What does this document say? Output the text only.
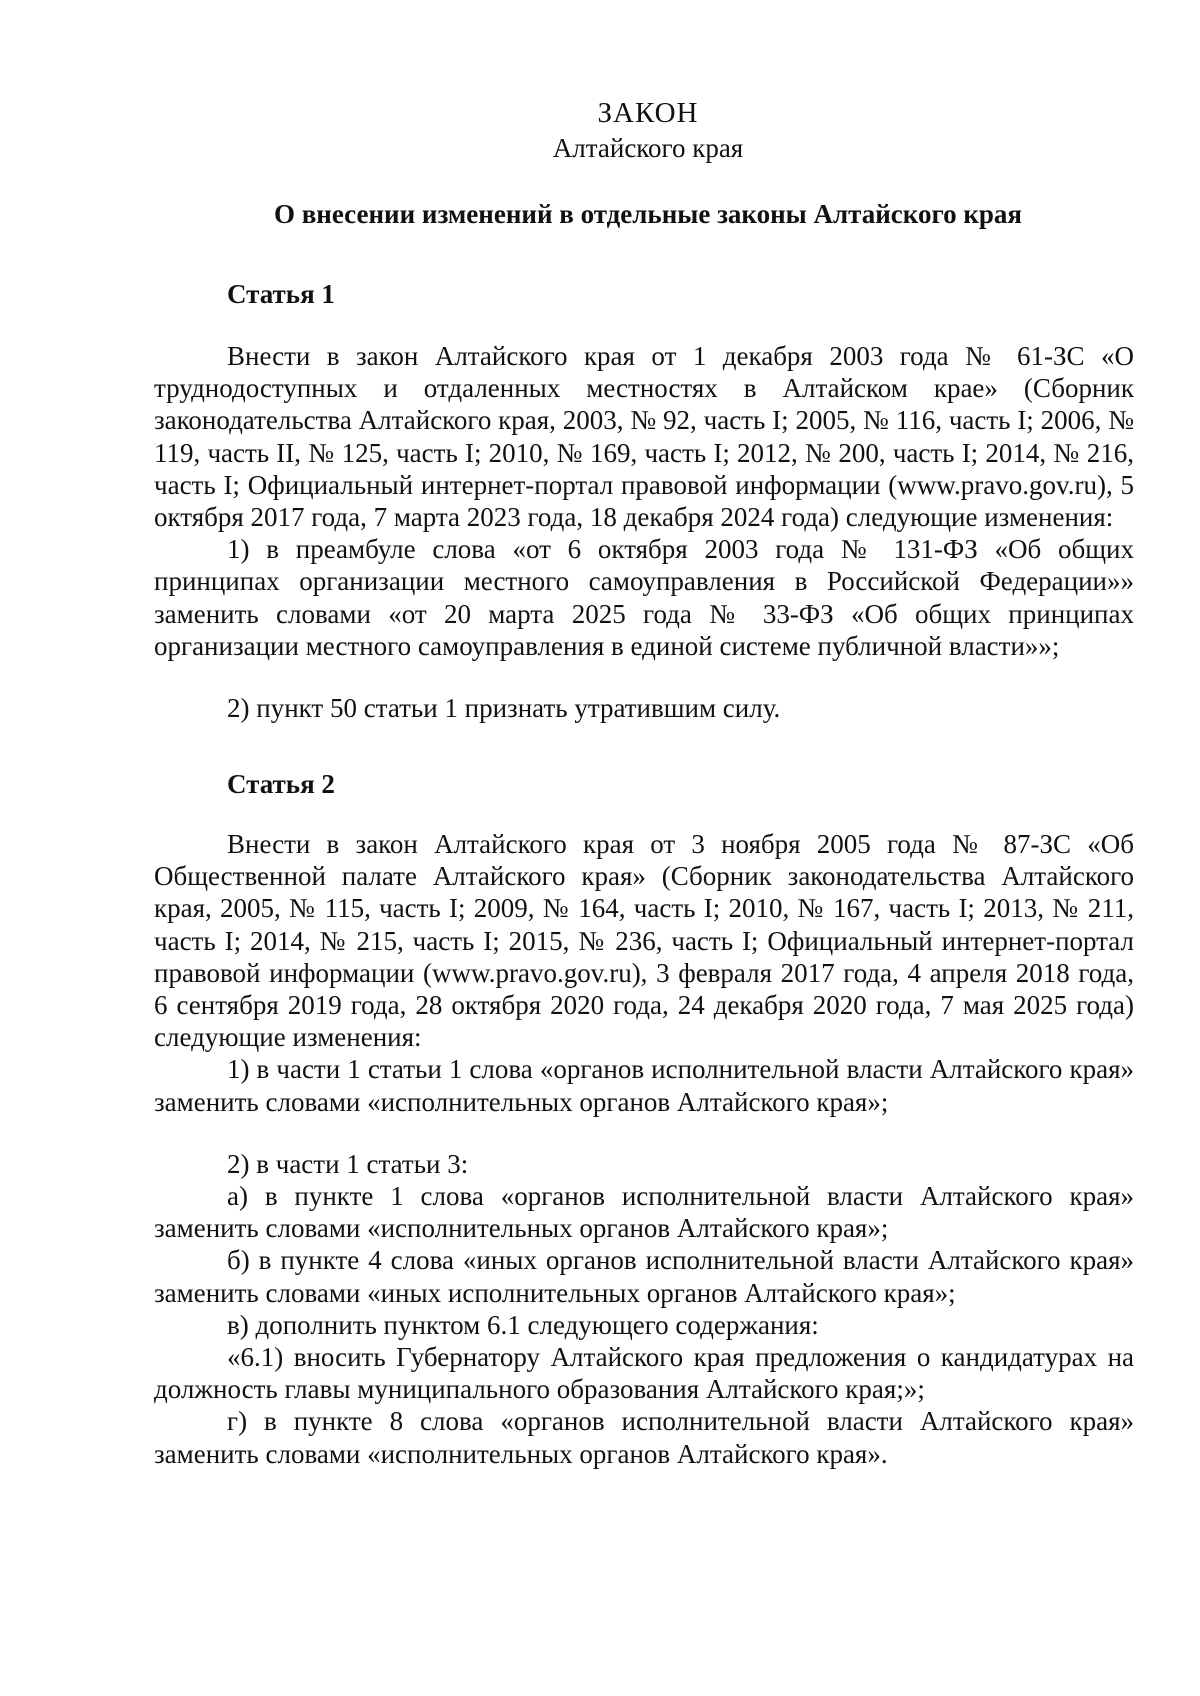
ЗАКОН
Алтайского края
О внесении изменений в отдельные законы Алтайского края
Статья 1

Внести в закон Алтайского края от 1 декабря 2003 года № 61-ЗС «О труднодоступных и отдаленных местностях в Алтайском крае» (Сборник законодательства Алтайского края, 2003, № 92, часть I; 2005, № 116, часть I; 2006, № 119, часть II, № 125, часть I; 2010, № 169, часть I; 2012, № 200, часть I; 2014, № 216, часть I; Официальный интернет-портал правовой информации (www.pravo.gov.ru), 5 октября 2017 года, 7 марта 2023 года, 18 декабря 2024 года) следующие изменения:

1) в преамбуле слова «от 6 октября 2003 года № 131-ФЗ «Об общих принципах организации местного самоуправления в Российской Федерации»» заменить словами «от 20 марта 2025 года № 33-ФЗ «Об общих принципах организации местного самоуправления в единой системе публичной власти»»;

2) пункт 50 статьи 1 признать утратившим силу.

Статья 2

Внести в закон Алтайского края от 3 ноября 2005 года № 87-ЗС «Об Общественной палате Алтайского края» (Сборник законодательства Алтайского края, 2005, № 115, часть I; 2009, № 164, часть I; 2010, № 167, часть I; 2013, № 211, часть I; 2014, № 215, часть I; 2015, № 236, часть I; Официальный интернет-портал правовой информации (www.pravo.gov.ru), 3 февраля 2017 года, 4 апреля 2018 года, 6 сентября 2019 года, 28 октября 2020 года, 24 декабря 2020 года, 7 мая 2025 года) следующие изменения:

1) в части 1 статьи 1 слова «органов исполнительной власти Алтайского края» заменить словами «исполнительных органов Алтайского края»;

2) в части 1 статьи 3:

а) в пункте 1 слова «органов исполнительной власти Алтайского края» заменить словами «исполнительных органов Алтайского края»;

б) в пункте 4 слова «иных органов исполнительной власти Алтайского края» заменить словами «иных исполнительных органов Алтайского края»;

в) дополнить пунктом 6.1 следующего содержания:

«6.1) вносить Губернатору Алтайского края предложения о кандидатурах на должность главы муниципального образования Алтайского края;»;

г) в пункте 8 слова «органов исполнительной власти Алтайского края» заменить словами «исполнительных органов Алтайского края».
